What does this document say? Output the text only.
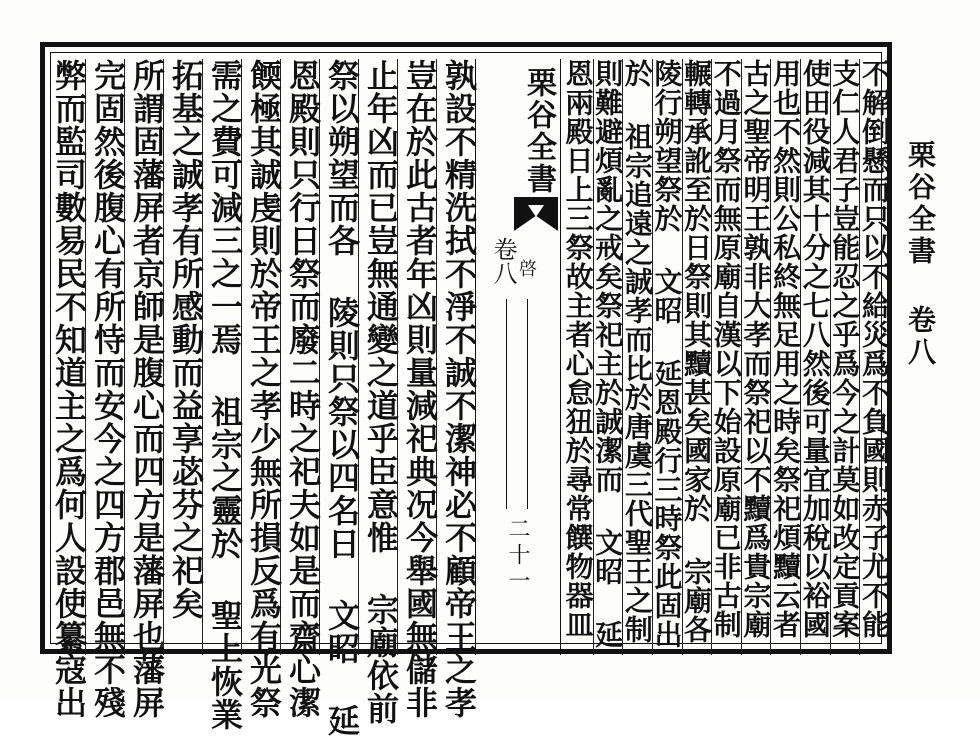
栗谷全書 卷八
栗谷全書
卷八 啓
二十一
孰設不精洗拭不淨不誠不潔神必不顧帝王之孝
豈在於此古者年凶則量減祀典况今舉國無儲非
止年凶而已豈無通變之道乎臣意惟 宗廟依前
祭以朔望而各 陵則只祭以四名日 文昭 延
恩殿則只行日祭而廢二時之祀夫如是而齋心潔
餪極其誠虔則於帝王之孝少無所損反爲有光祭
需之費可減三之一焉 祖宗之靈於 聖上恢業
拓基之誠孝有所感動而益享苾芬之祀矣
所謂固藩屏者京師是腹心而四方是藩屏也藩屏
完固然後腹心有所恃而安今之四方郡邑無不殘
弊而監司數易民不知道主之爲何人設使纂寇出	不解倒懸而只以不給災爲不負國則赤子尤不能
支仁人君子豈能忍之乎爲今之計莫如改定貢案
使田役減其十分之七八然後可量宜加稅以裕國
用也不然則公私終無足用之時矣祭祀煩黷云者
古之聖帝明王孰非大孝而祭祀以不黷爲貴宗廟
不過月祭而無原廟自漢以下始設原廟已非古制
輾轉承訛至於日祭則其黷甚矣國家於 宗廟各
陵行朔望祭於 文昭 延恩殿行三時祭此固出
於 祖宗追遠之誠孝而比於唐虞三代聖王之制
則難避煩亂之戒矣祭祀主於誠潔而 文昭 延
恩兩殿日上三祭故主者心怠狃於尋常饌物器皿
